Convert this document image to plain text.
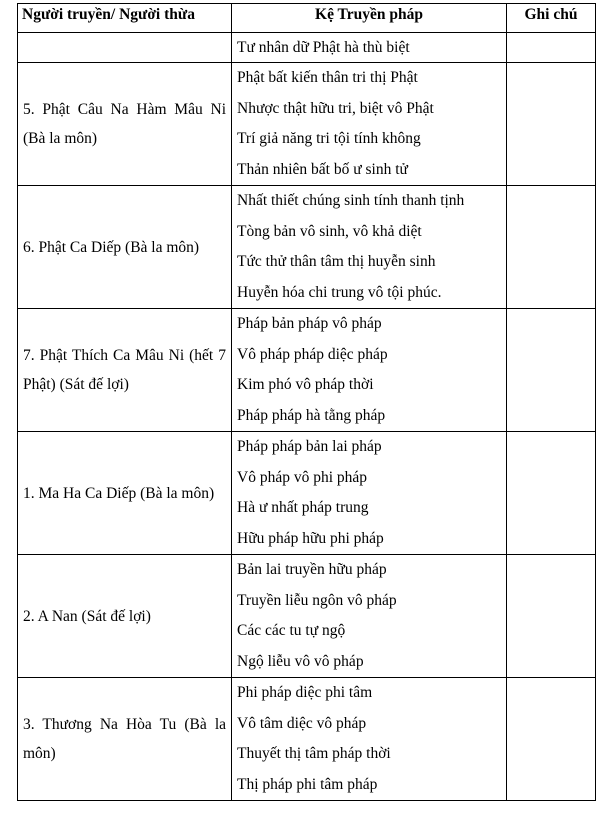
Người truyền/ Người thừa	Kệ Truyền pháp	Ghi chú

	Tư nhân dữ Phật hà thù biệt	

5. Phật Câu Na Hàm Mâu Ni (Bà la môn)	Phật bất kiến thân tri thị Phật
Nhược thật hữu tri, biệt vô Phật
Trí giả năng tri tội tính không
Thản nhiên bất bố ư sinh tử	

6. Phật Ca Diếp (Bà la môn)	Nhất thiết chúng sinh tính thanh tịnh
Tòng bản vô sinh, vô khả diệt
Tức thử thân tâm thị huyễn sinh
Huyễn hóa chi trung vô tội phúc.	

7. Phật Thích Ca Mâu Ni (hết 7 Phật) (Sát đế lợi)	Pháp bản pháp vô pháp
Vô pháp pháp diệc pháp
Kim phó vô pháp thời
Pháp pháp hà tằng pháp	

1. Ma Ha Ca Diếp (Bà la môn)	Pháp pháp bản lai pháp
Vô pháp vô phi pháp
Hà ư nhất pháp trung
Hữu pháp hữu phi pháp	

2. A Nan (Sát đế lợi)	Bản lai truyền hữu pháp
Truyền liễu ngôn vô pháp
Các các tu tự ngộ
Ngộ liễu vô vô pháp	

3. Thương Na Hòa Tu (Bà la môn)	Phi pháp diệc phi tâm
Vô tâm diệc vô pháp
Thuyết thị tâm pháp thời
Thị pháp phi tâm pháp	
